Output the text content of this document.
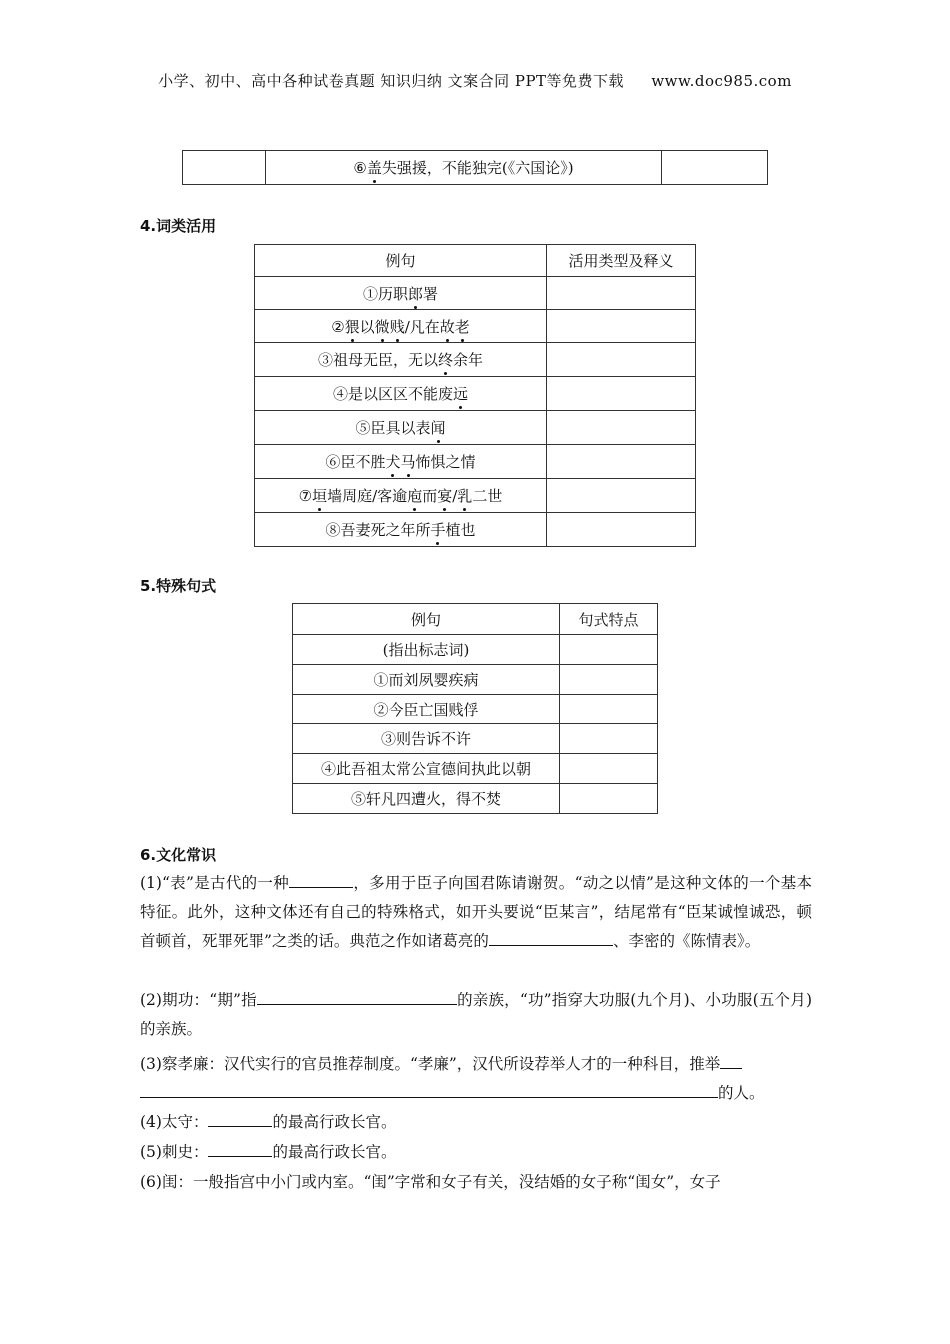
小学、初中、高中各种试卷真题 知识归纳 文案合同 PPT等免费下载 www.doc985.com
	⑥盖失强援，不能独完(《六国论》)	
4.词类活用
例句	活用类型及释义
①历职郎署	
②猥以微贱/凡在故老	
③祖母无臣，无以终余年	
④是以区区不能废远	
⑤臣具以表闻	
⑥臣不胜犬马怖惧之情	
⑦垣墙周庭/客逾庖而宴/乳二世	
⑧吾妻死之年所手植也	
5.特殊句式
例句	句式特点
(指出标志词)	
①而刘夙婴疾病	
②今臣亡国贱俘	
③则告诉不许	
④此吾祖太常公宣德间执此以朝	
⑤轩凡四遭火，得不焚	
6.文化常识
(1)“表”是古代的一种	，多用于臣子向国君陈请谢贺。“动之以情”是这种文体的一个基本特征。此外，这种文体还有自己的特殊格式，如开头要说“臣某言”，结尾常有“臣某诚惶诚恐，顿首顿首，死罪死罪”之类的话。典范之作如诸葛亮的	、李密的《陈情表》。
(2)期功：“期”指	的亲族，“功”指穿大功服(九个月)、小功服(五个月)的亲族。
(3)察孝廉：汉代实行的官员推荐制度。“孝廉”，汉代所设荐举人才的一种科目，推举
的人。
(4)太守：	的最高行政长官。
(5)刺史：	的最高行政长官。
(6)闺：一般指宫中小门或内室。“闺”字常和女子有关，没结婚的女子称“闺女”，女子
